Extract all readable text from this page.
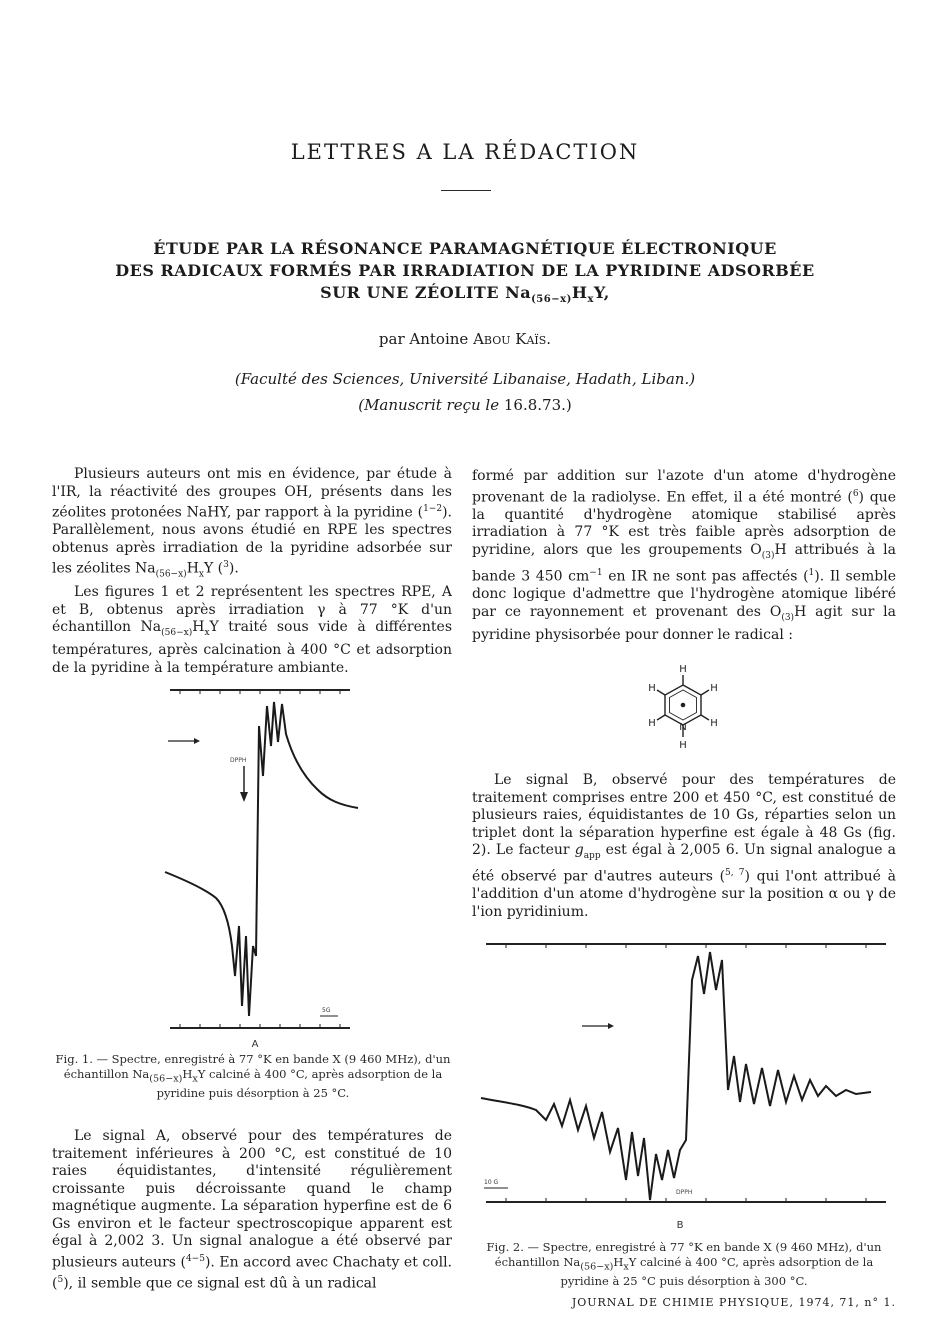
LETTRES A LA RÉDACTION
ÉTUDE PAR LA RÉSONANCE PARAMAGNÉTIQUE ÉLECTRONIQUE
DES RADICAUX FORMÉS PAR IRRADIATION DE LA PYRIDINE ADSORBÉE
SUR UNE ZÉOLITE $Na_{(56-x)}H_xY$,
par Antoine Abou Kaïs.
(Faculté des Sciences, Université Libanaise, Hadath, Liban.)
(Manuscrit reçu le 16.8.73.)
Plusieurs auteurs ont mis en évidence, par étude à l'IR, la réactivité des groupes OH, présents dans les zéolites protonées NaHY, par rapport à la pyridine ($^{1-2}$). Parallèlement, nous avons étudié en RPE les spectres obtenus après irradiation de la pyridine adsorbée sur les zéolites $Na_{(56-x)}H_xY$ ($^3$).
Les figures 1 et 2 représentent les spectres RPE, A et B, obtenus après irradiation γ à 77 °K d'un échantillon $Na_{(56-x)}H_xY$ traité sous vide à différentes températures, après calcination à 400 °C et adsorption de la pyridine à la température ambiante.
formé par addition sur l'azote d'un atome d'hydrogène provenant de la radiolyse. En effet, il a été montré ($^6$) que la quantité d'hydrogène atomique stabilisé après irradiation à 77 °K est très faible après adsorption de pyridine, alors que les groupements $O_{(3)}H$ attribués à la bande 3 450 $cm^{-1}$ en IR ne sont pas affectés ($^1$). Il semble donc logique d'admettre que l'hydrogène atomique libéré par ce rayonnement et provenant des $O_{(3)}H$ agit sur la pyridine physisorbée pour donner le radical :
H
H
H
H
H N
H
Le signal B, observé pour des températures de traitement comprises entre 200 et 450 °C, est constitué de plusieurs raies, équidistantes de 10 Gs, réparties selon un triplet dont la séparation hyperfine est égale à 48 Gs (fig. 2). Le facteur $g_{app}$ est égal à 2,005 6. Un signal analogue a été observé par d'autres auteurs ($^{5, 7}$) qui l'ont attribué à l'addition d'un atome d'hydrogène sur la position α ou γ de l'ion pyridinium.
DPPH
5G
A
Fig. 1. — Spectre, enregistré à 77 °K en bande X (9 460 MHz), d'un échantillon $Na_{(56-x)}H_xY$ calciné à 400 °C, après adsorption de la pyridine puis désorption à 25 °C.
Le signal A, observé pour des températures de traitement inférieures à 200 °C, est constitué de 10 raies équidistantes, d'intensité régulièrement croissante puis décroissante quand le champ magnétique augmente. La séparation hyperfine est de 6 Gs environ et le facteur spectroscopique apparent est égal à 2,002 3. Un signal analogue a été observé par plusieurs auteurs ($^{4-5}$). En accord avec Chachaty et coll. ($^5$), il semble que ce signal est dû à un radical
10 G
DPPH
B
Fig. 2. — Spectre, enregistré à 77 °K en bande X (9 460 MHz), d'un échantillon $Na_{(56-x)}H_xY$ calciné à 400 °C, après adsorption de la pyridine à 25 °C puis désorption à 300 °C.
JOURNAL DE CHIMIE PHYSIQUE, 1974, 71, n° 1.
